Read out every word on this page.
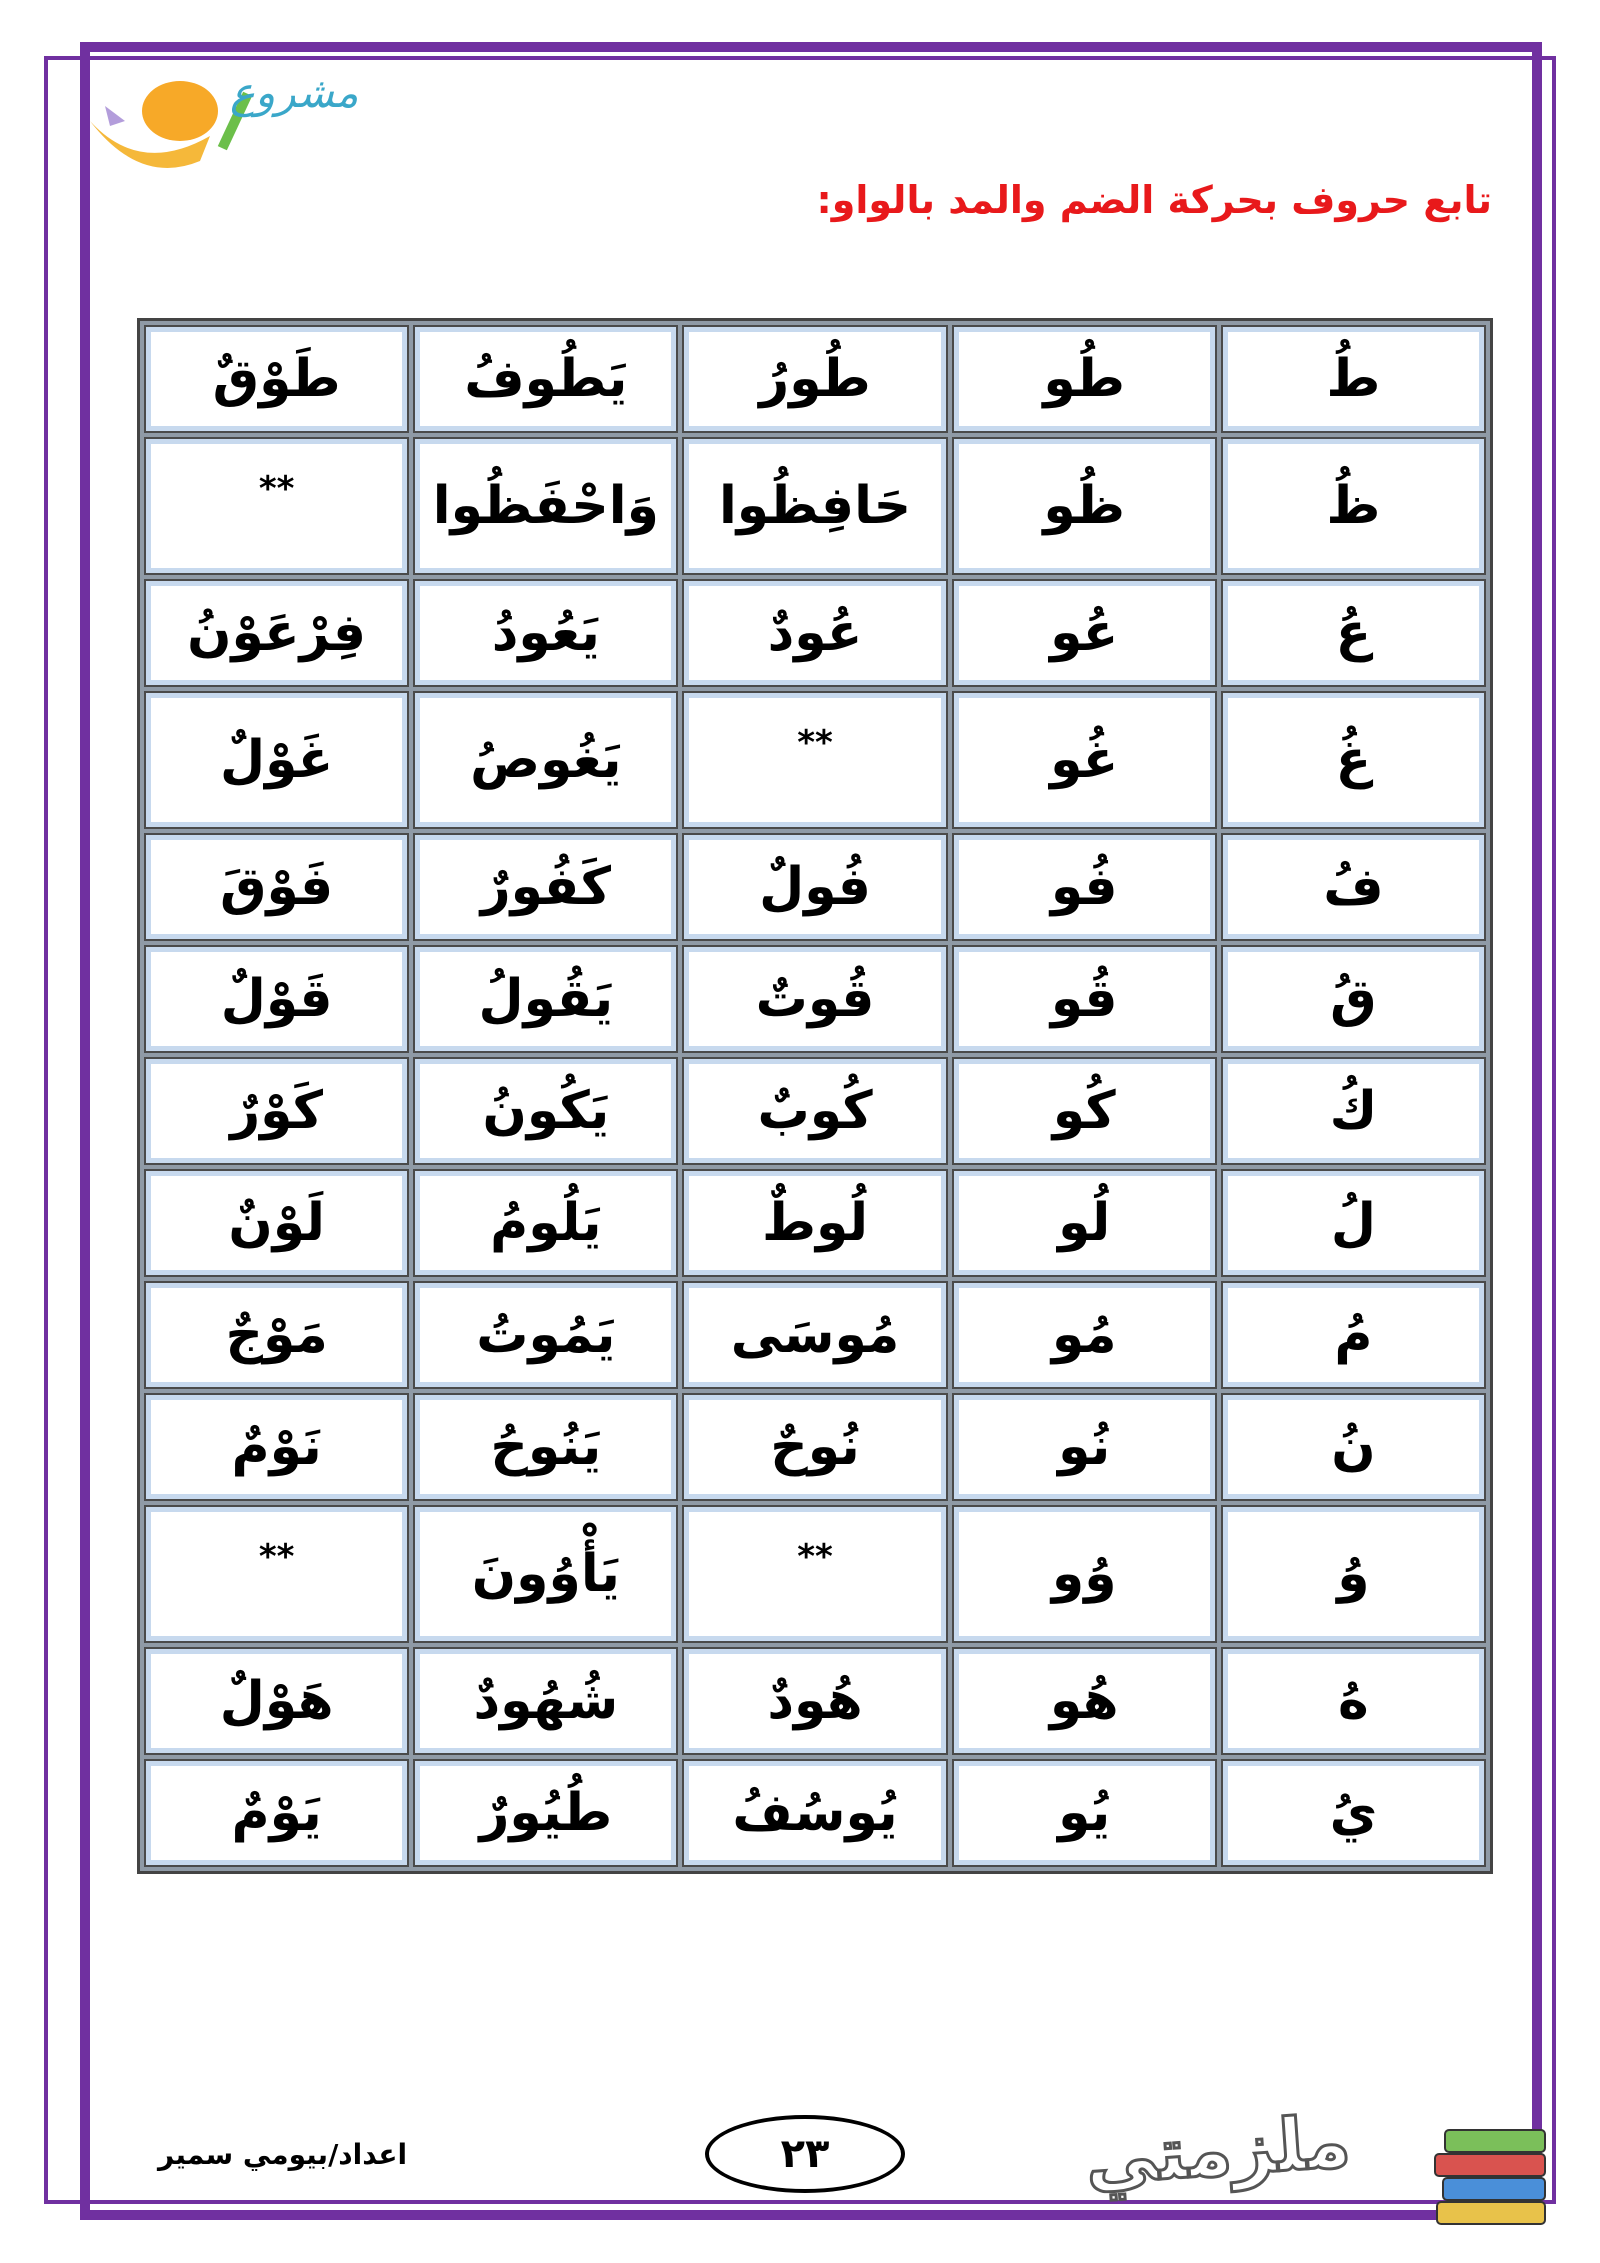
مشروع
تابع حروف بحركة الضم والمد بالواو:
طُ	طُو	طُورُ	يَطُوفُ	طَوْقٌ
ظُ	ظُو	حَافِظُوا	وَاحْفَظُوا	**
عُ	عُو	عُودٌ	يَعُودُ	فِرْعَوْنُ
غُ	غُو	**	يَغُوصُ	غَوْلٌ
فُ	فُو	فُولٌ	كَفُورٌ	فَوْقَ
قُ	قُو	قُوتٌ	يَقُولُ	قَوْلٌ
كُ	كُو	كُوبٌ	يَكُونُ	كَوْرٌ
لُ	لُو	لُوطٌ	يَلُومُ	لَوْنٌ
مُ	مُو	مُوسَى	يَمُوتُ	مَوْجٌ
نُ	نُو	نُوحٌ	يَنُوحُ	نَوْمٌ
وُ	وُو	**	يَأْوُونَ	**
هُ	هُو	هُودٌ	شُهُودٌ	هَوْلٌ
يُ	يُو	يُوسُفُ	طُيُورٌ	يَوْمٌ
اعداد/بيومي سمير	٢٣	ملزمتي
